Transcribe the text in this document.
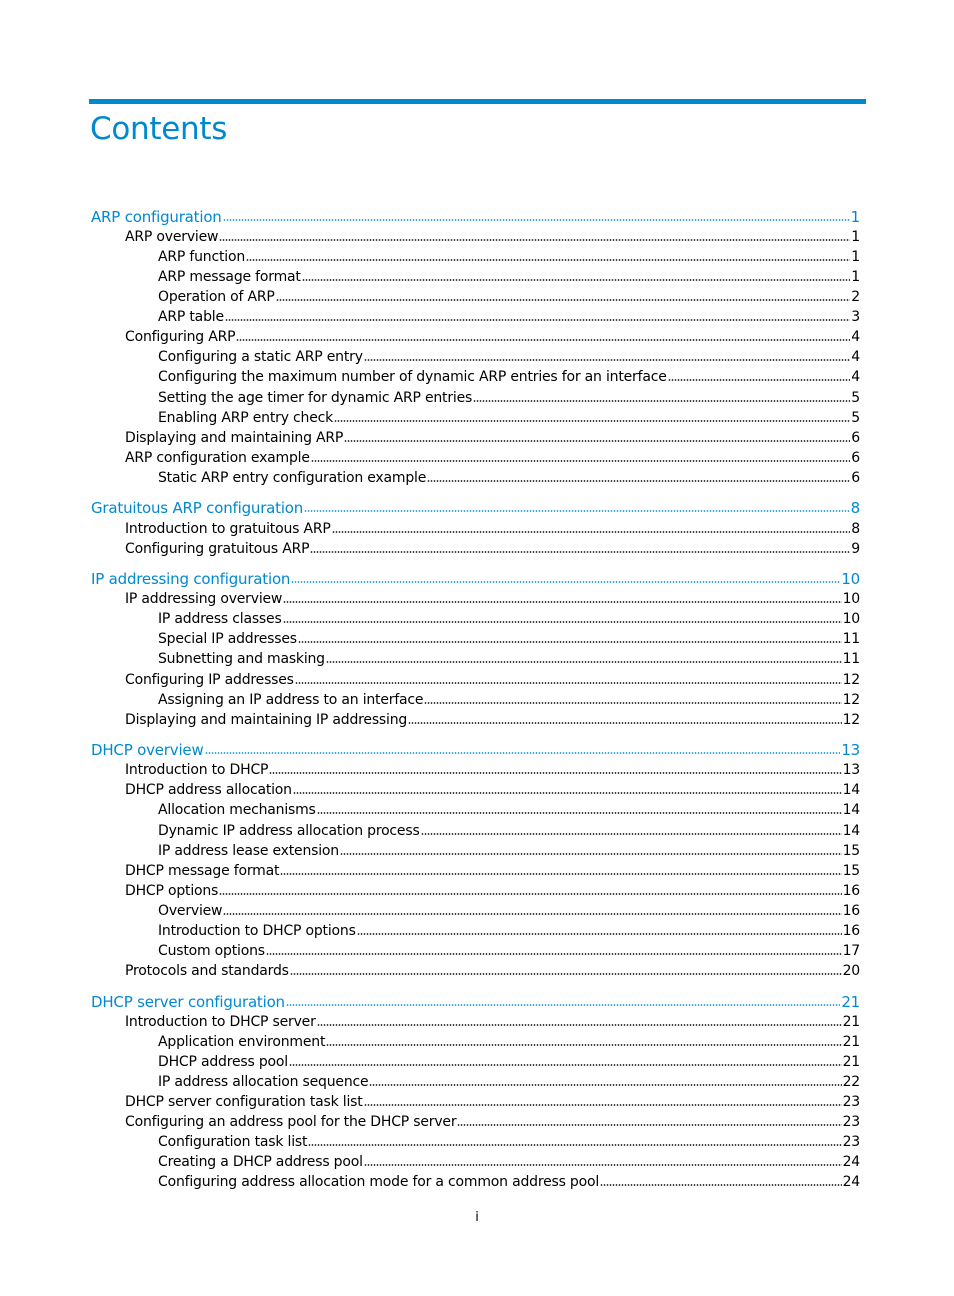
Contents
ARP configuration	1
ARP overview	1
ARP function	1
ARP message format	1
Operation of ARP	2
ARP table	3
Configuring ARP	4
Configuring a static ARP entry	4
Configuring the maximum number of dynamic ARP entries for an interface	4
Setting the age timer for dynamic ARP entries	5
Enabling ARP entry check	5
Displaying and maintaining ARP	6
ARP configuration example	6
Static ARP entry configuration example	6
Gratuitous ARP configuration	8
Introduction to gratuitous ARP	8
Configuring gratuitous ARP	9
IP addressing configuration	10
IP addressing overview	10
IP address classes	10
Special IP addresses	11
Subnetting and masking	11
Configuring IP addresses	12
Assigning an IP address to an interface	12
Displaying and maintaining IP addressing	12
DHCP overview	13
Introduction to DHCP	13
DHCP address allocation	14
Allocation mechanisms	14
Dynamic IP address allocation process	14
IP address lease extension	15
DHCP message format	15
DHCP options	16
Overview	16
Introduction to DHCP options	16
Custom options	17
Protocols and standards	20
DHCP server configuration	21
Introduction to DHCP server	21
Application environment	21
DHCP address pool	21
IP address allocation sequence	22
DHCP server configuration task list	23
Configuring an address pool for the DHCP server	23
Configuration task list	23
Creating a DHCP address pool	24
Configuring address allocation mode for a common address pool	24
i
